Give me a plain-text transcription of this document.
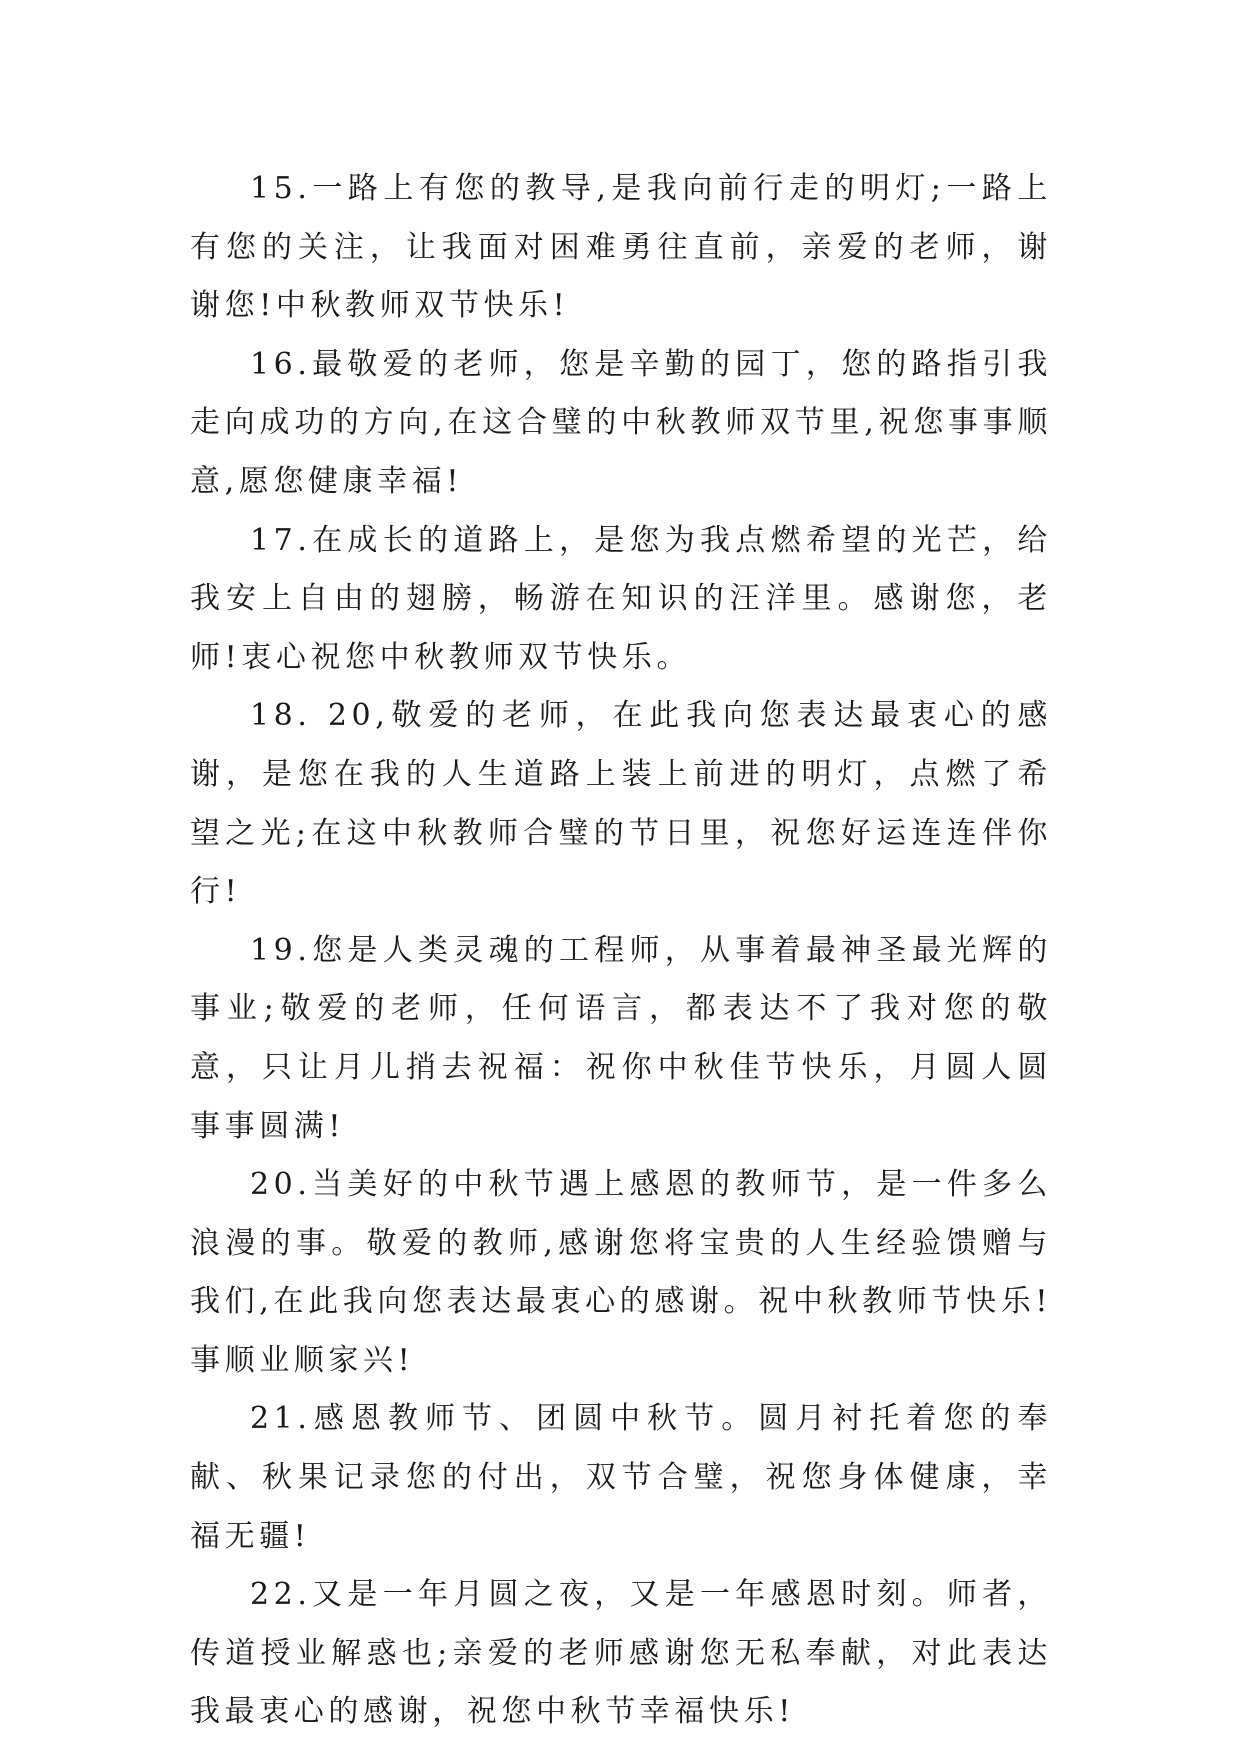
15.一路上有您的教导,是我向前行走的明灯;一路上有您的关注，让我面对困难勇往直前，亲爱的老师，谢谢您!中秋教师双节快乐!

16.最敬爱的老师，您是辛勤的园丁，您的路指引我走向成功的方向,在这合璧的中秋教师双节里,祝您事事顺意,愿您健康幸福!

17.在成长的道路上，是您为我点燃希望的光芒，给我安上自由的翅膀，畅游在知识的汪洋里。感谢您，老师!衷心祝您中秋教师双节快乐。

18. 20,敬爱的老师，在此我向您表达最衷心的感谢，是您在我的人生道路上装上前进的明灯，点燃了希望之光;在这中秋教师合璧的节日里，祝您好运连连伴你行!

19.您是人类灵魂的工程师，从事着最神圣最光辉的事业;敬爱的老师，任何语言，都表达不了我对您的敬意，只让月儿捎去祝福：祝你中秋佳节快乐，月圆人圆事事圆满!

20.当美好的中秋节遇上感恩的教师节，是一件多么浪漫的事。敬爱的教师,感谢您将宝贵的人生经验馈赠与我们,在此我向您表达最衷心的感谢。祝中秋教师节快乐!事顺业顺家兴!

21.感恩教师节、团圆中秋节。圆月衬托着您的奉献、秋果记录您的付出，双节合璧，祝您身体健康，幸福无疆!

22.又是一年月圆之夜，又是一年感恩时刻。师者，传道授业解惑也;亲爱的老师感谢您无私奉献，对此表达我最衷心的感谢，祝您中秋节幸福快乐!
